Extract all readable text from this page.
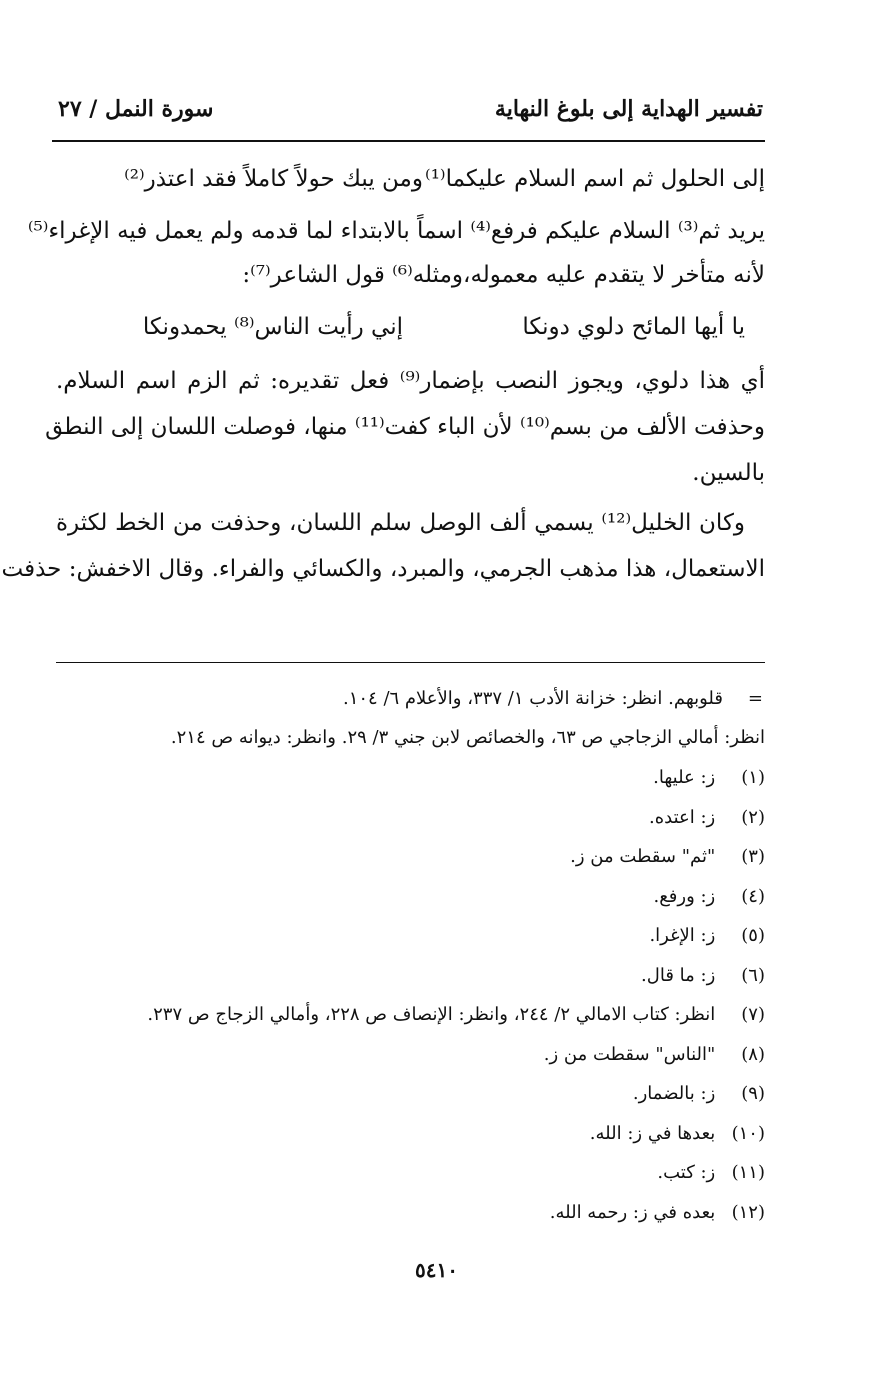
تفسير الهداية إلى بلوغ النهاية
سورة النمل / ٢٧
إلى الحلول ثم اسم السلام عليكما⁽¹⁾
ومن يبك حولاً كاملاً فقد اعتذر⁽²⁾
يريد ثم⁽³⁾ السلام عليكم فرفع⁽⁴⁾ اسماً بالابتداء لما قدمه ولم يعمل فيه الإغراء⁽⁵⁾
لأنه متأخر لا يتقدم عليه معموله،ومثله⁽⁶⁾ قول الشاعر⁽⁷⁾:
يا أيها المائح دلوي دونكا
إني رأيت الناس⁽⁸⁾ يحمدونكا
أي هذا دلوي، ويجوز النصب بإضمار⁽⁹⁾ فعل تقديره: ثم الزم اسم السلام.
وحذفت الألف من بسم⁽¹⁰⁾ لأن الباء كفت⁽¹¹⁾ منها، فوصلت اللسان إلى النطق
بالسين.
وكان الخليل⁽¹²⁾ يسمي ألف الوصل سلم اللسان، وحذفت من الخط لكثرة
الاستعمال، هذا مذهب الجرمي، والمبرد، والكسائي والفراء. وقال الاخفش: حذفت
=
قلوبهم. انظر: خزانة الأدب ١/ ٣٣٧، والأعلام ٦/ ١٠٤.
انظر: أمالي الزجاجي ص ٦٣، والخصائص لابن جني ٣/ ٢٩. وانظر: ديوانه ص ٢١٤.
(١) ز: عليها.
(٢) ز: اعتده.
(٣) "ثم" سقطت من ز.
(٤) ز: ورفع.
(٥) ز: الإغرا.
(٦) ز: ما قال.
(٧) انظر: كتاب الامالي ٢/ ٢٤٤، وانظر: الإنصاف ص ٢٢٨، وأمالي الزجاج ص ٢٣٧.
(٨) "الناس" سقطت من ز.
(٩) ز: بالضمار.
(١٠) بعدها في ز: الله.
(١١) ز: كتب.
(١٢) بعده في ز: رحمه الله.
٥٤١٠
